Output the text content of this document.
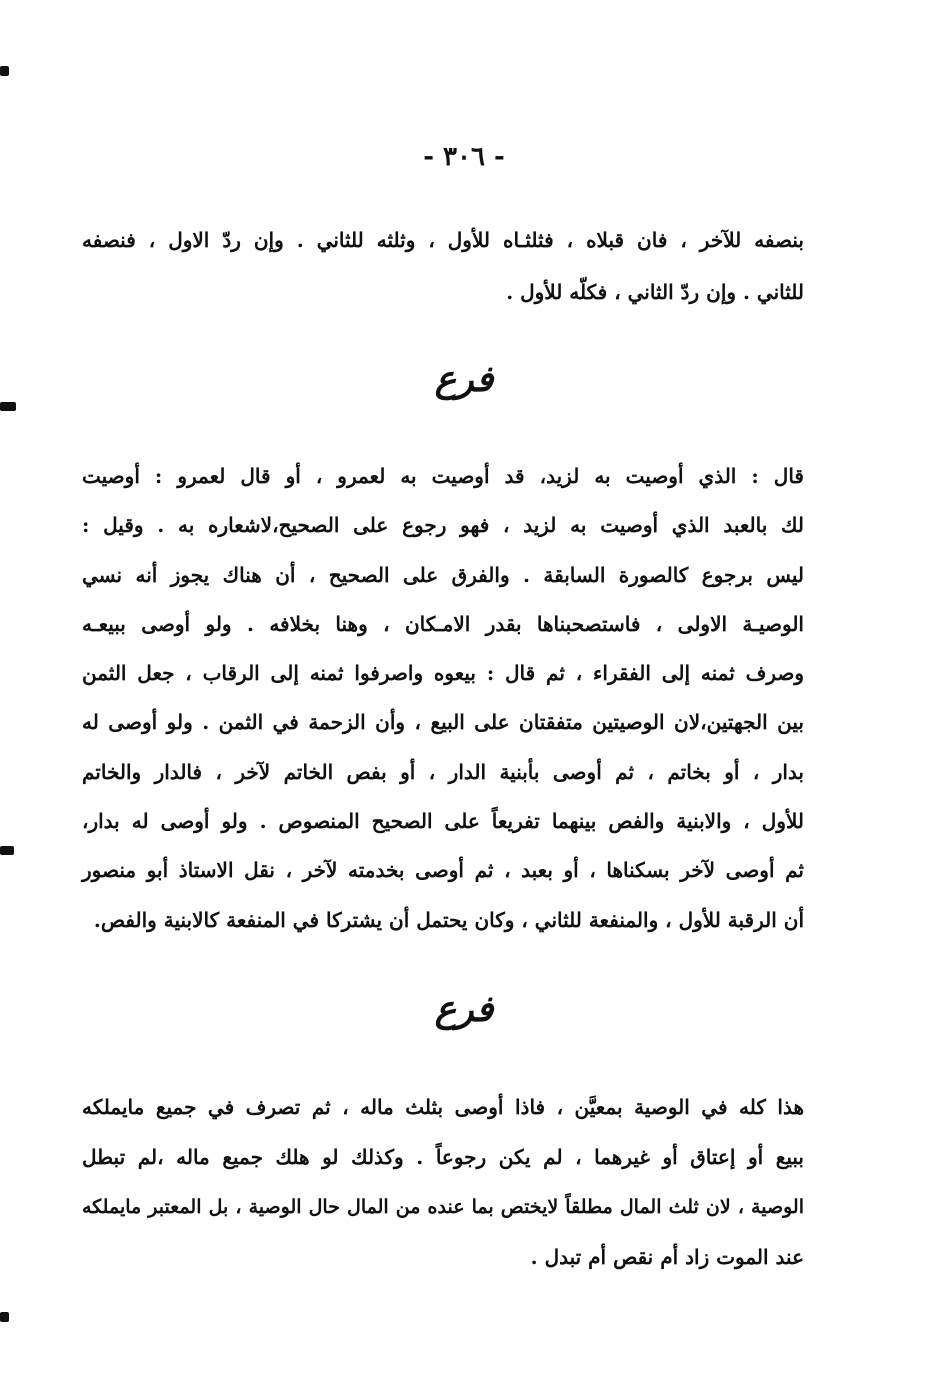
- ٣٠٦ -
بنصفه للآخر ، فان قبلاه ، فثلثـاه للأول ، وثلثه للثاني . وإن ردّ الاول ، فنصفه
للثاني . وإن ردّ الثاني ، فكلّه للأول .
فرع
قال : الذي أوصيت به لزيد، قد أوصيت به لعمرو ، أو قال لعمرو : أوصيت
لك بالعبد الذي أوصيت به لزيد ، فهو رجوع على الصحيح،لاشعاره به . وقيل :
ليس برجوع كالصورة السابقة . والفرق على الصحيح ، أن هناك يجوز أنه نسي
الوصيـة الاولى ، فاستصحبناها بقدر الامـكان ، وهنا بخلافه . ولو أوصى ببيعـه
وصرف ثمنه إلى الفقراء ، ثم قال : بيعوه واصرفوا ثمنه إلى الرقاب ، جعل الثمن
بين الجهتين،لان الوصيتين متفقتان على البيع ، وأن الزحمة في الثمن . ولو أوصى له
بدار ، أو بخاتم ، ثم أوصى بأبنية الدار ، أو بفص الخاتم لآخر ، فالدار والخاتم
للأول ، والابنية والفص بينهما تفريعاً على الصحيح المنصوص . ولو أوصى له بدار،
ثم أوصى لآخر بسكناها ، أو بعبد ، ثم أوصى بخدمته لآخر ، نقل الاستاذ أبو منصور
أن الرقبة للأول ، والمنفعة للثاني ، وكان يحتمل أن يشتركا في المنفعة كالابنية والفص.
فرع
هذا كله في الوصية بمعيَّن ، فاذا أوصى بثلث ماله ، ثم تصرف في جميع مايملكه
ببيع أو إعتاق أو غيرهما ، لم يكن رجوعاً . وكذلك لو هلك جميع ماله ،لم تبطل
الوصية ، لان ثلث المال مطلقاً لايختص بما عنده من المال حال الوصية ، بل المعتبر مايملكه
عند الموت زاد أم نقص أم تبدل .
